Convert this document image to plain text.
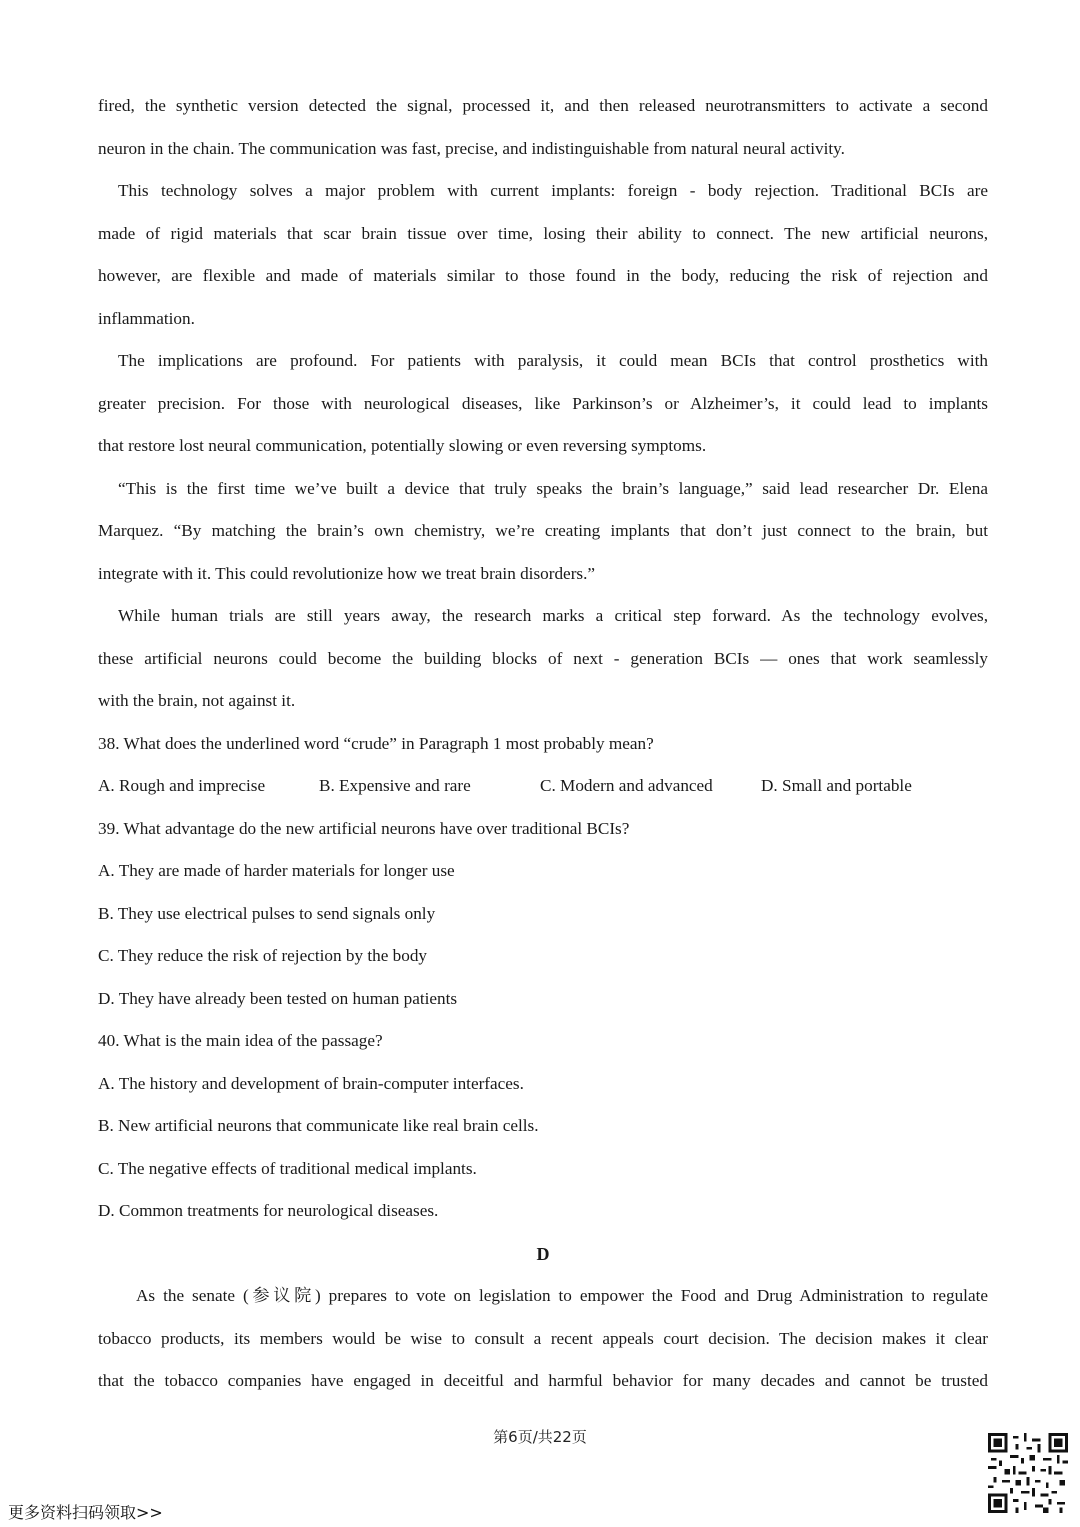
fired, the synthetic version detected the signal, processed it, and then released neurotransmitters to activate a second
neuron in the chain. The communication was fast, precise, and indistinguishable from natural neural activity.
This technology solves a major problem with current implants: foreign - body rejection. Traditional BCIs are
made of rigid materials that scar brain tissue over time, losing their ability to connect. The new artificial neurons,
however, are flexible and made of materials similar to those found in the body, reducing the risk of rejection and
inflammation.
The implications are profound. For patients with paralysis, it could mean BCIs that control prosthetics with
greater precision. For those with neurological diseases, like Parkinson’s or Alzheimer’s, it could lead to implants
that restore lost neural communication, potentially slowing or even reversing symptoms.
“This is the first time we’ve built a device that truly speaks the brain’s language,” said lead researcher Dr. Elena
Marquez. “By matching the brain’s own chemistry, we’re creating implants that don’t just connect to the brain, but
integrate with it. This could revolutionize how we treat brain disorders.”
While human trials are still years away, the research marks a critical step forward. As the technology evolves,
these artificial neurons could become the building blocks of next - generation BCIs — ones that work seamlessly
with the brain, not against it.
38. What does the underlined word “crude” in Paragraph 1 most probably mean?
A. Rough and imprecise	B. Expensive and rare	C. Modern and advanced	D. Small and portable
39. What advantage do the new artificial neurons have over traditional BCIs?
A. They are made of harder materials for longer use
B. They use electrical pulses to send signals only
C. They reduce the risk of rejection by the body
D. They have already been tested on human patients
40. What is the main idea of the passage?
A. The history and development of brain-computer interfaces.
B. New artificial neurons that communicate like real brain cells.
C. The negative effects of traditional medical implants.
D. Common treatments for neurological diseases.
D
As the senate (参议院) prepares to vote on legislation to empower the Food and Drug Administration to regulate
tobacco products, its members would be wise to consult a recent appeals court decision. The decision makes it clear
that the tobacco companies have engaged in deceitful and harmful behavior for many decades and cannot be trusted
第6页/共22页
更多资料扫码领取>>
